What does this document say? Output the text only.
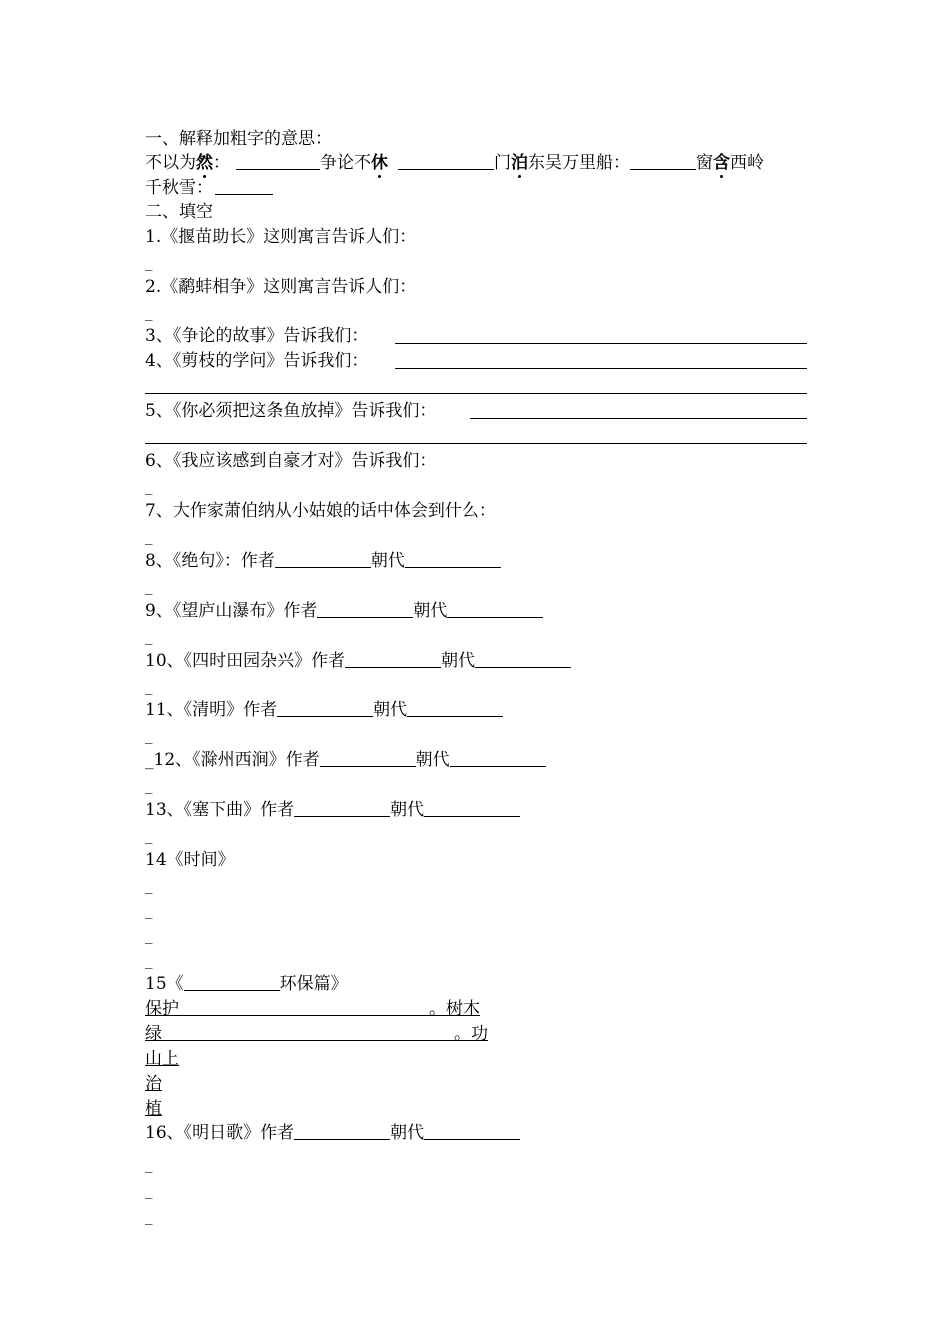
一、解释加粗字的意思：
不以为然：	争论不休	门泊东吴万里船：	窗含西岭
千秋雪：
二、填空
1.《揠苗助长》这则寓言告诉人们：
_
2.《鹬蚌相争》这则寓言告诉人们：
_
3、《争论的故事》告诉我们：
4、《剪枝的学问》告诉我们：
5、《你必须把这条鱼放掉》告诉我们：
6、《我应该感到自豪才对》告诉我们：
_
7、大作家萧伯纳从小姑娘的话中体会到什么：
_
8、《绝句》：作者	朝代
_
9、《望庐山瀑布》作者	朝代
_
10、《四时田园杂兴》作者	朝代
_
11、《清明》作者	朝代
_
_12、《滁州西涧》作者	朝代
_
13、《塞下曲》作者	朝代
_
14《时间》
_
_
_
_
15《	环保篇》
保护	。树木
绿	。功
山上
治
植
16、《明日歌》作者	朝代
_
_
_
